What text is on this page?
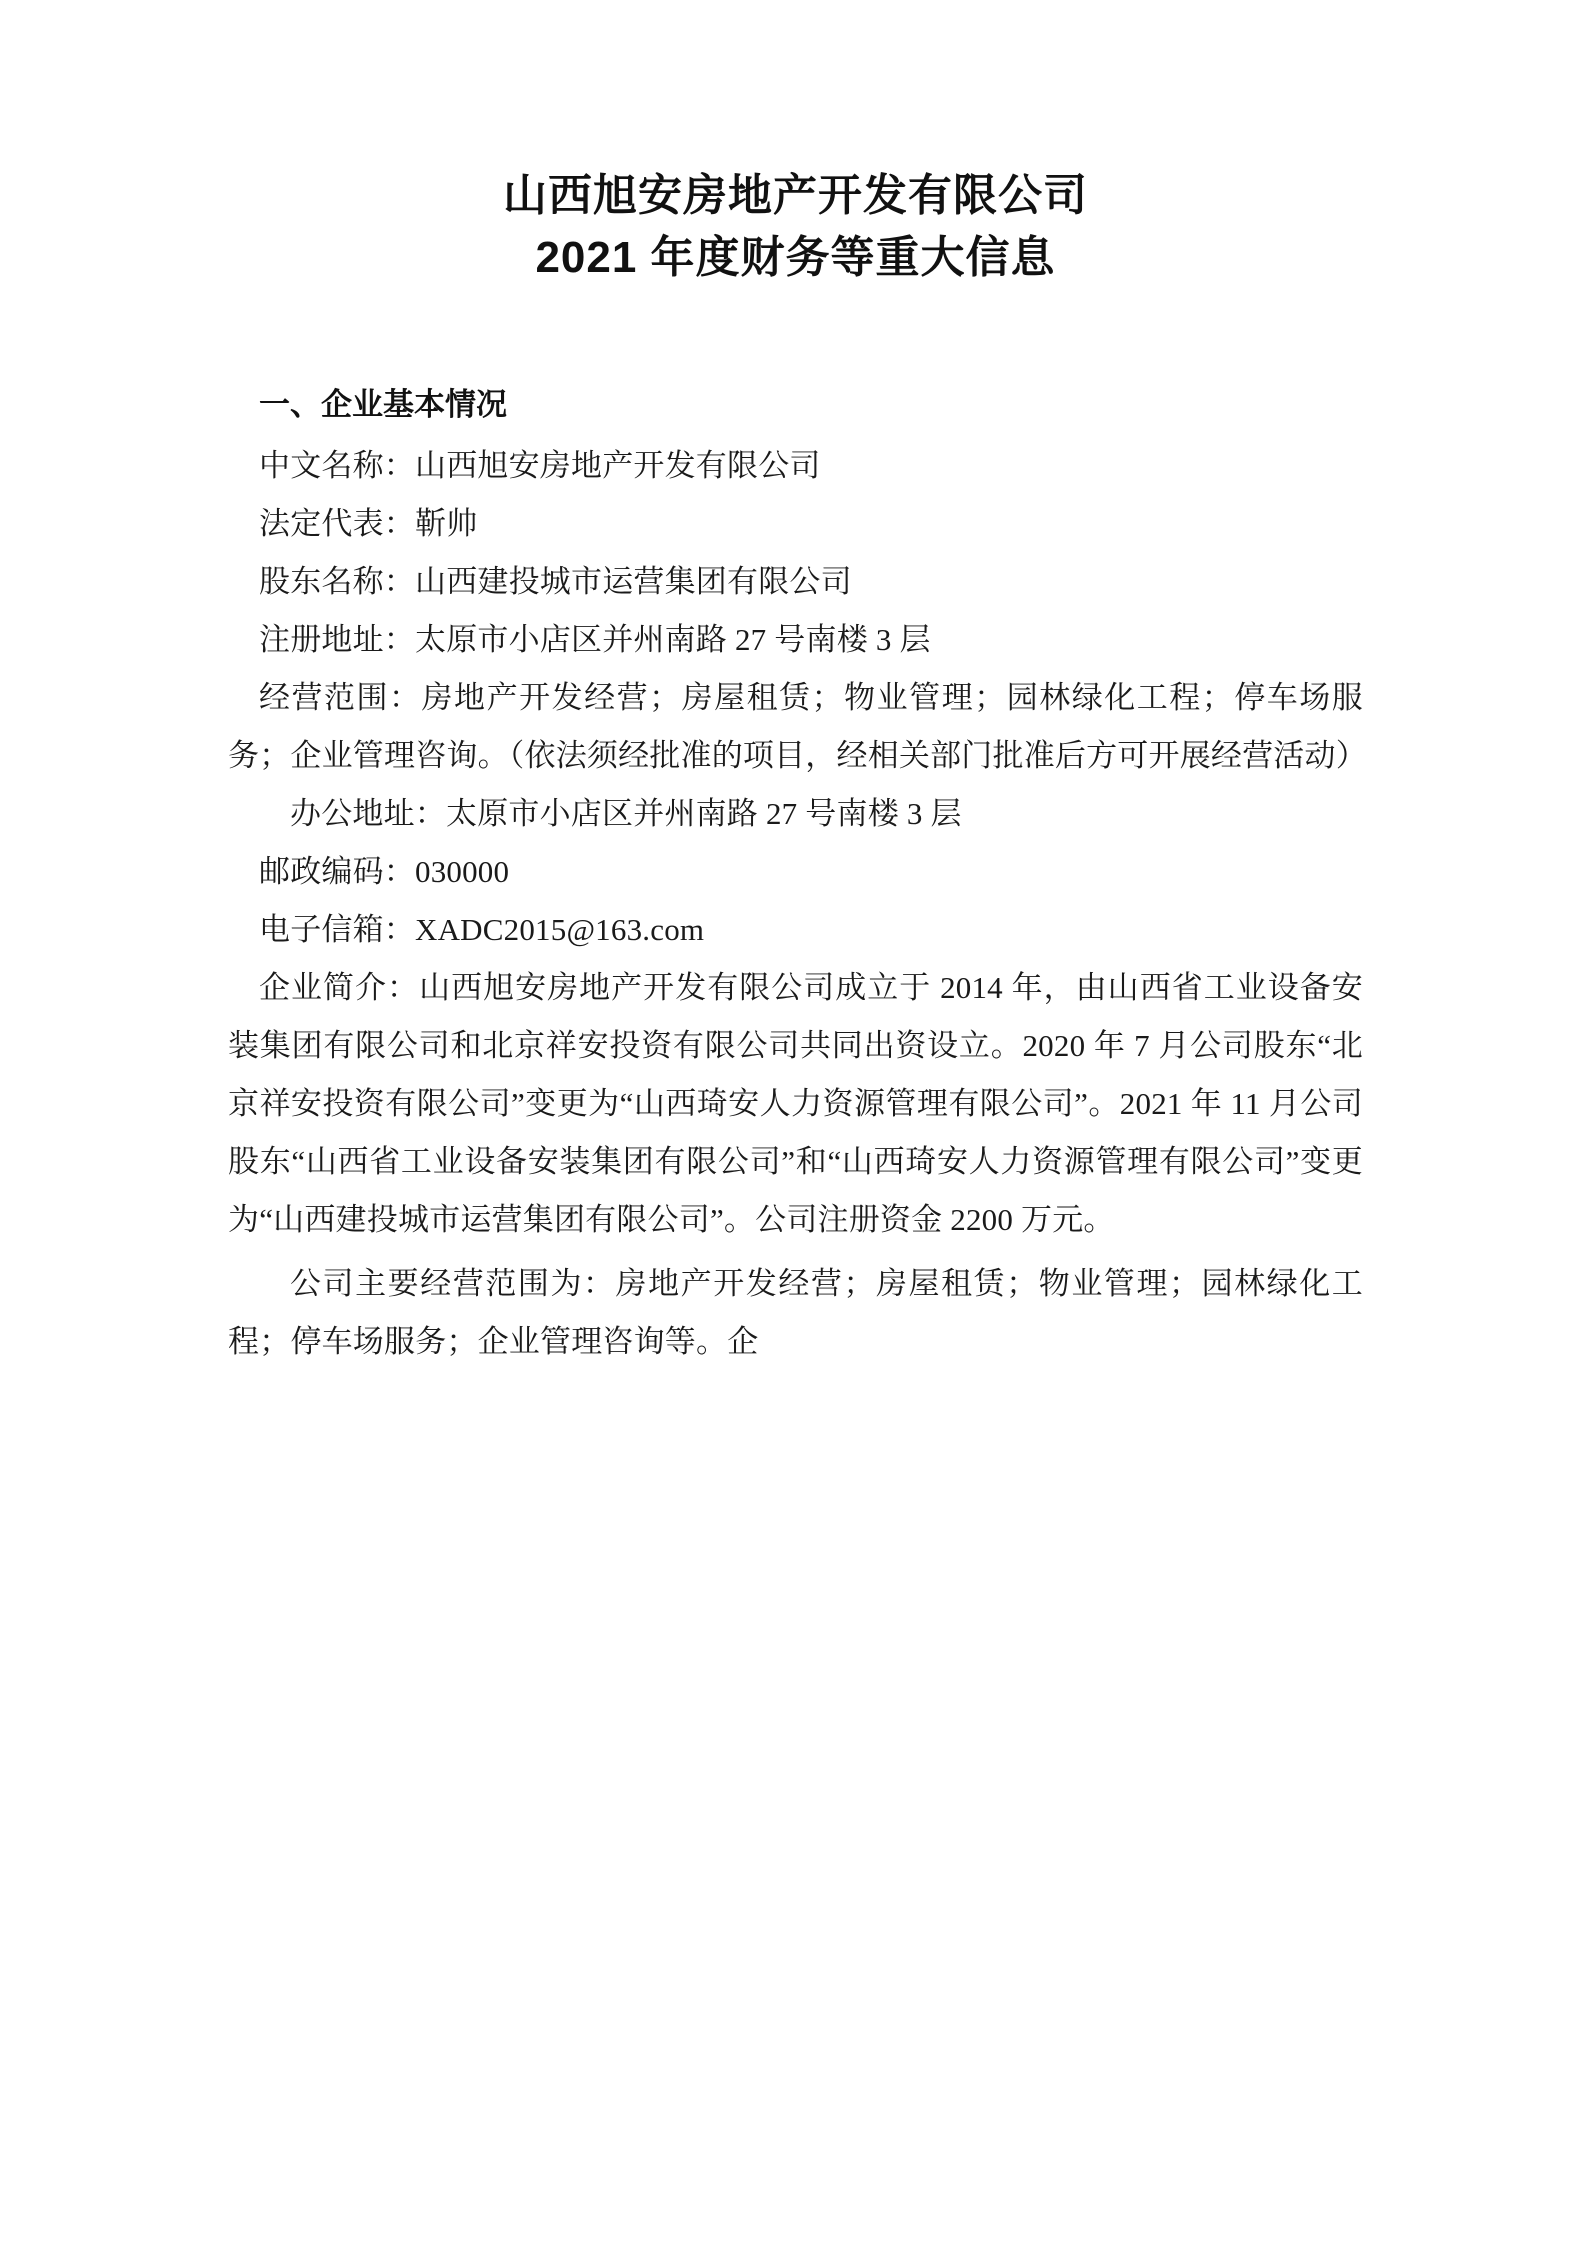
山西旭安房地产开发有限公司
2021 年度财务等重大信息
一、企业基本情况

中文名称：山西旭安房地产开发有限公司

法定代表：靳帅

股东名称：山西建投城市运营集团有限公司

注册地址：太原市小店区并州南路 27 号南楼 3 层

经营范围：房地产开发经营；房屋租赁；物业管理；园林绿化工程；停车场服务；企业管理咨询。（依法须经批准的项目，经相关部门批准后方可开展经营活动）

办公地址：太原市小店区并州南路 27 号南楼 3 层

邮政编码：030000

电子信箱：XADC2015@163.com

企业简介：山西旭安房地产开发有限公司成立于 2014 年，由山西省工业设备安装集团有限公司和北京祥安投资有限公司共同出资设立。2020 年 7 月公司股东“北京祥安投资有限公司”变更为“山西琦安人力资源管理有限公司”。2021 年 11 月公司股东“山西省工业设备安装集团有限公司”和“山西琦安人力资源管理有限公司”变更为“山西建投城市运营集团有限公司”。公司注册资金 2200 万元。

公司主要经营范围为：房地产开发经营；房屋租赁；物业管理；园林绿化工程；停车场服务；企业管理咨询等。企
